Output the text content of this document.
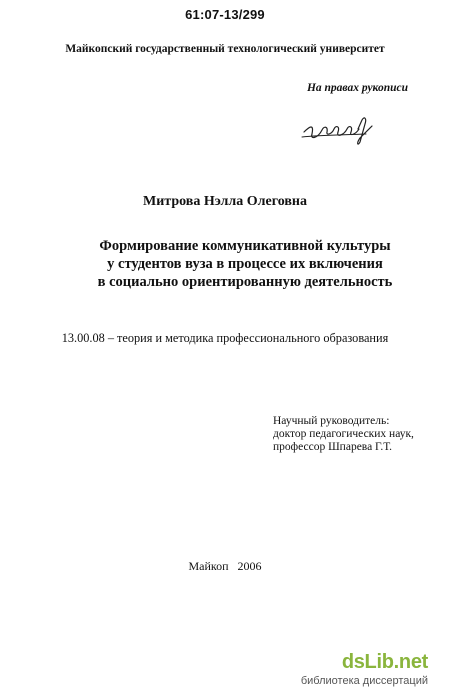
61:07-13/299
Майкопский государственный технологический университет
На правах рукописи
Митрова Нэлла Олеговна
Формирование коммуникативной культуры
у студентов вуза в процессе их включения
в социально ориентированную деятельность
13.00.08 – теория и методика профессионального образования
Научный руководитель:
доктор педагогических наук,
профессор Шпарева Г.Т.
Майкоп   2006
dsLib.net
библиотека диссертаций
